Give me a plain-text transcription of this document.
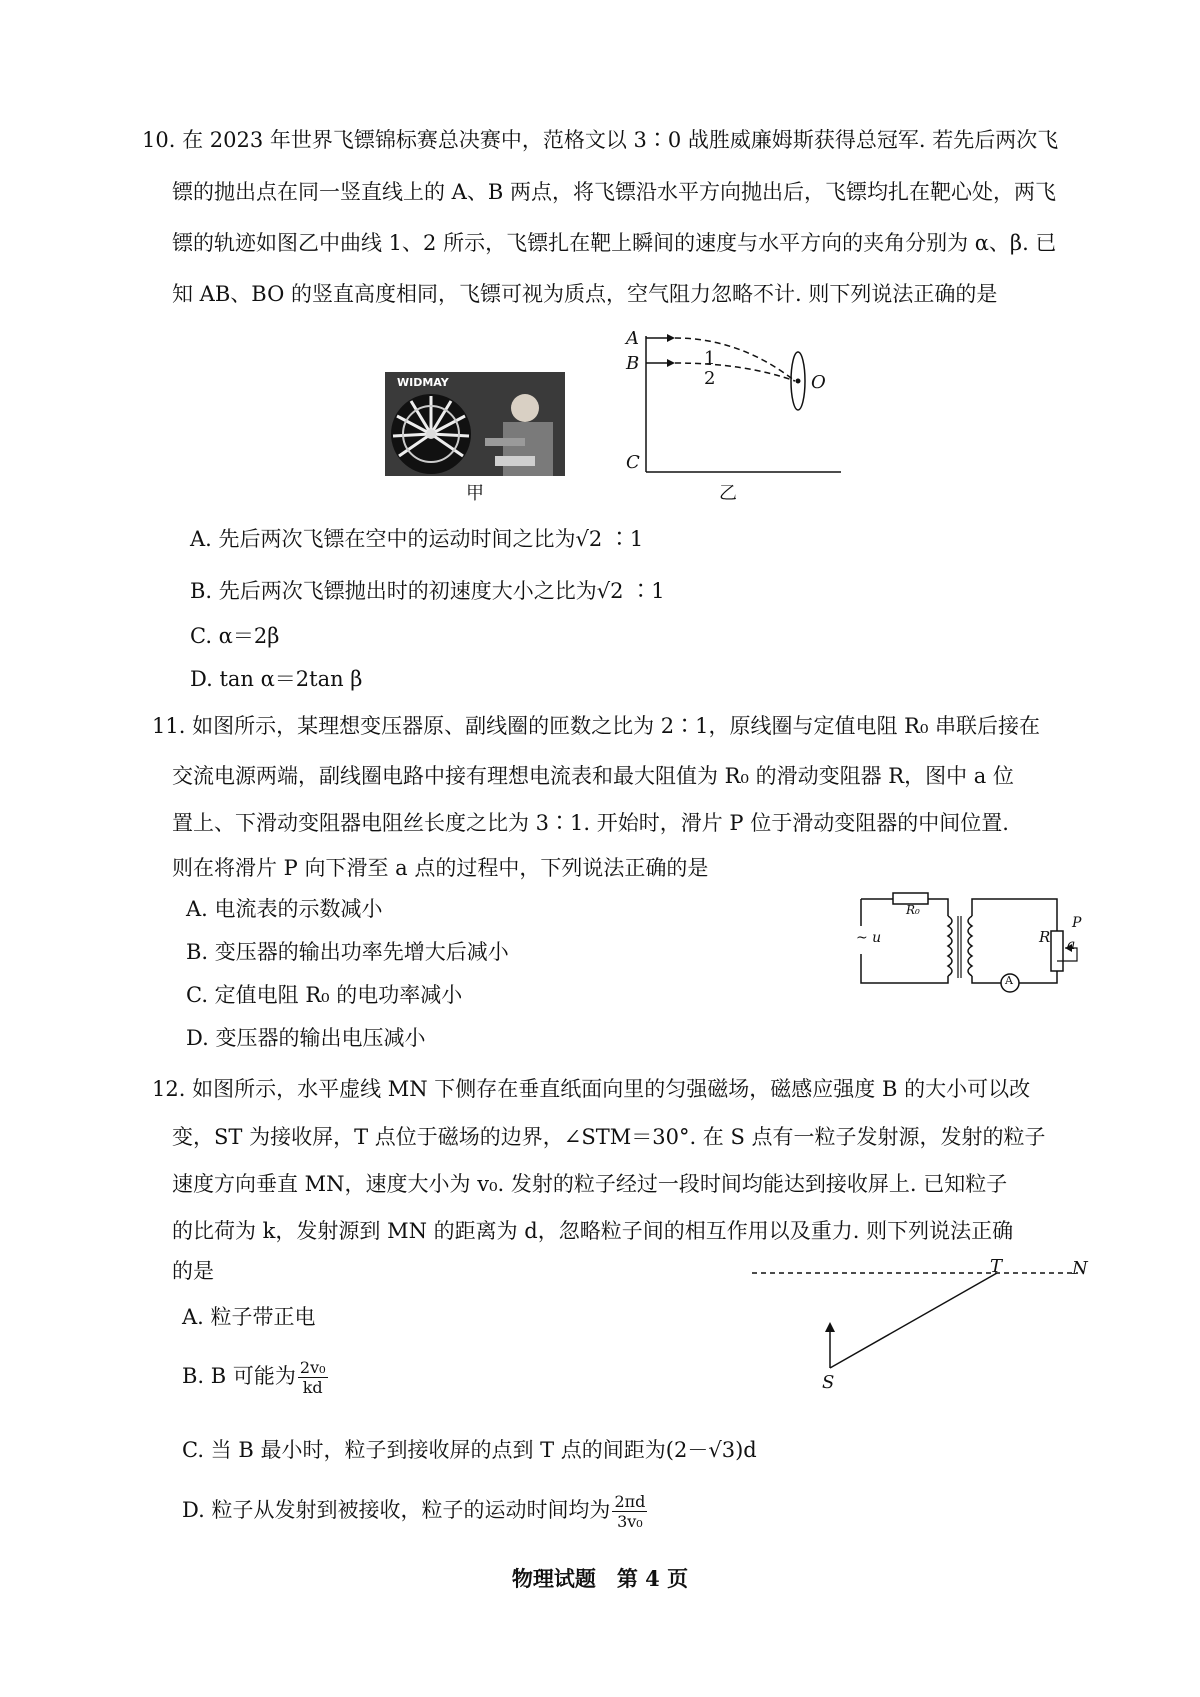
10. 在 2023 年世界飞镖锦标赛总决赛中，范格文以 3∶0 战胜威廉姆斯获得总冠军. 若先后两次飞
镖的抛出点在同一竖直线上的 A、B 两点，将飞镖沿水平方向抛出后，飞镖均扎在靶心处，两飞
镖的轨迹如图乙中曲线 1、2 所示，飞镖扎在靶上瞬间的速度与水平方向的夹角分别为 α、β. 已
知 AB、BO 的竖直高度相同，飞镖可视为质点，空气阻力忽略不计. 则下列说法正确的是
WIDMAY
甲
A
B
C
O
1
2
乙
A. 先后两次飞镖在空中的运动时间之比为√2 ∶1
B. 先后两次飞镖抛出时的初速度大小之比为√2 ∶1
C. α＝2β
D. tan α＝2tan β
11. 如图所示，某理想变压器原、副线圈的匝数之比为 2∶1，原线圈与定值电阻 R₀ 串联后接在
交流电源两端，副线圈电路中接有理想电流表和最大阻值为 R₀ 的滑动变阻器 R，图中 a 位
置上、下滑动变阻器电阻丝长度之比为 3∶1. 开始时，滑片 P 位于滑动变阻器的中间位置.
则在将滑片 P 向下滑至 a 点的过程中，下列说法正确的是
A. 电流表的示数减小
B. 变压器的输出功率先增大后减小
C. 定值电阻 R₀ 的电功率减小
D. 变压器的输出电压减小
R₀
~ u	R
P
a
A
12. 如图所示，水平虚线 MN 下侧存在垂直纸面向里的匀强磁场，磁感应强度 B 的大小可以改
变，ST 为接收屏，T 点位于磁场的边界，∠STM＝30°. 在 S 点有一粒子发射源，发射的粒子
速度方向垂直 MN，速度大小为 v₀. 发射的粒子经过一段时间均能达到接收屏上. 已知粒子
的比荷为 k，发射源到 MN 的距离为 d，忽略粒子间的相互作用以及重力. 则下列说法正确
的是
A. 粒子带正电
B. B 可能为 $\frac{\text{2v₀}}{kd}$
C. 当 B 最小时，粒子到接收屏的点到 T 点的间距为(2－√3)d
D. 粒子从发射到被接收，粒子的运动时间均为 $\frac{2\pi d}{\text{3v₀}}$
T	N
S
物理试题　第 4 页
